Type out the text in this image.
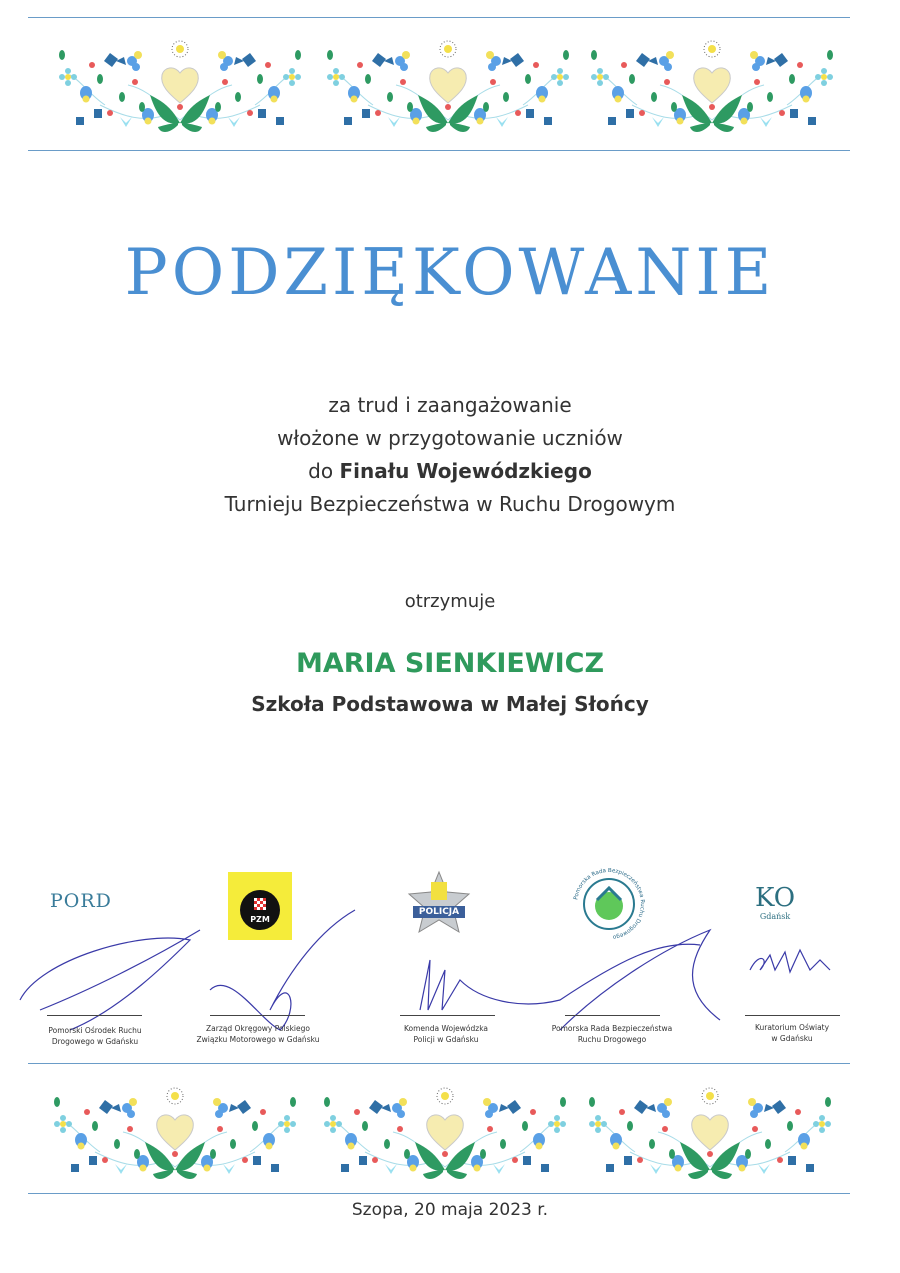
PODZIĘKOWANIE
za trud i zaangażowanie
włożone w przygotowanie uczniów
do Finału Wojewódzkiego
Turnieju Bezpieczeństwa w Ruchu Drogowym
otrzymuje
MARIA SIENKIEWICZ
Szkoła Podstawowa w Małej Słońcy
PORD
PZM
POLICJA
Pomorska Rada Bezpieczeństwa Ruchu Drogowego
KO
Gdańsk
Pomorski Ośrodek Ruchu
Drogowego w Gdańsku
Zarząd Okręgowy Polskiego
Związku Motorowego w Gdańsku
Komenda Wojewódzka
Policji w Gdańsku
Pomorska Rada Bezpieczeństwa
Ruchu Drogowego
Kuratorium Oświaty
w Gdańsku
Szopa, 20 maja 2023 r.
